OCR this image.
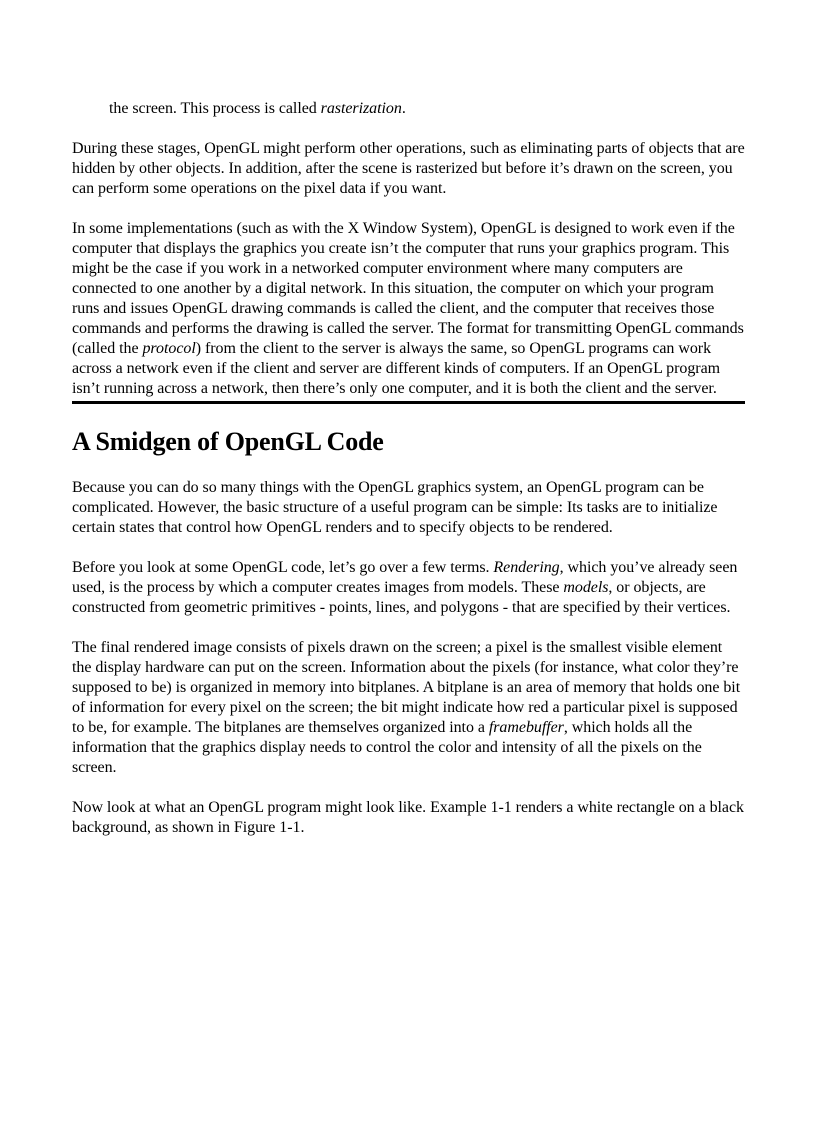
the screen. This process is called rasterization.

During these stages, OpenGL might perform other operations, such as eliminating parts of objects that are hidden by other objects. In addition, after the scene is rasterized but before it’s drawn on the screen, you can perform some operations on the pixel data if you want.

In some implementations (such as with the X Window System), OpenGL is designed to work even if the computer that displays the graphics you create isn’t the computer that runs your graphics program. This might be the case if you work in a networked computer environment where many computers are connected to one another by a digital network. In this situation, the computer on which your program runs and issues OpenGL drawing commands is called the client, and the computer that receives those commands and performs the drawing is called the server. The format for transmitting OpenGL commands (called the protocol) from the client to the server is always the same, so OpenGL programs can work across a network even if the client and server are different kinds of computers. If an OpenGL program isn’t running across a network, then there’s only one computer, and it is both the client and the server.

A Smidgen of OpenGL Code

Because you can do so many things with the OpenGL graphics system, an OpenGL program can be complicated. However, the basic structure of a useful program can be simple: Its tasks are to initialize certain states that control how OpenGL renders and to specify objects to be rendered.

Before you look at some OpenGL code, let’s go over a few terms. Rendering, which you’ve already seen used, is the process by which a computer creates images from models. These models, or objects, are constructed from geometric primitives - points, lines, and polygons - that are specified by their vertices.

The final rendered image consists of pixels drawn on the screen; a pixel is the smallest visible element the display hardware can put on the screen. Information about the pixels (for instance, what color they’re supposed to be) is organized in memory into bitplanes. A bitplane is an area of memory that holds one bit of information for every pixel on the screen; the bit might indicate how red a particular pixel is supposed to be, for example. The bitplanes are themselves organized into a framebuffer, which holds all the information that the graphics display needs to control the color and intensity of all the pixels on the screen.

Now look at what an OpenGL program might look like. Example 1-1 renders a white rectangle on a black background, as shown in Figure 1-1.
